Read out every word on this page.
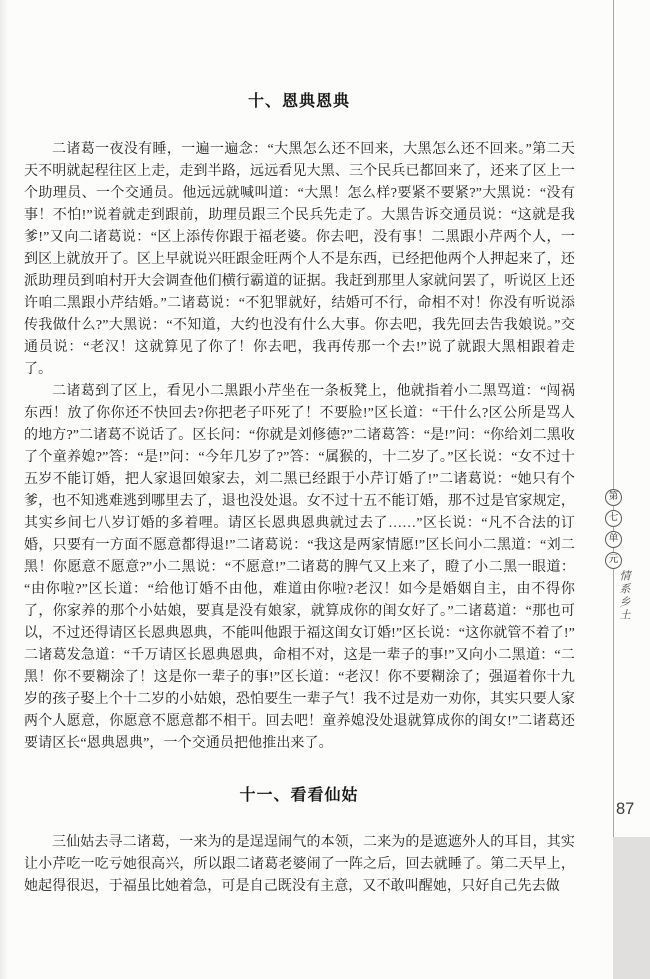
十、恩典恩典

二诸葛一夜没有睡，一遍一遍念：“大黑怎么还不回来，大黑怎么还不回来。”第二天天不明就起程往区上走，走到半路，远远看见大黑、三个民兵已都回来了，还来了区上一个助理员、一个交通员。他远远就喊叫道：“大黑！怎么样?要紧不要紧?”大黑说：“没有事！不怕!”说着就走到跟前，助理员跟三个民兵先走了。大黑告诉交通员说：“这就是我爹!”又向二诸葛说：“区上添传你跟于福老婆。你去吧，没有事！二黑跟小芹两个人，一到区上就放开了。区上早就说兴旺跟金旺两个人不是东西，已经把他两个人押起来了，还派助理员到咱村开大会调查他们横行霸道的证据。我赶到那里人家就问罢了，听说区上还许咱二黑跟小芹结婚。”二诸葛说：“不犯罪就好，结婚可不行，命相不对！你没有听说添传我做什么?”大黑说：“不知道，大约也没有什么大事。你去吧，我先回去告我娘说。”交通员说：“老汉！这就算见了你了！你去吧，我再传那一个去!”说了就跟大黑相跟着走了。

二诸葛到了区上，看见小二黑跟小芹坐在一条板凳上，他就指着小二黑骂道：“闯祸东西！放了你你还不快回去?你把老子吓死了！不要脸!”区长道：“干什么?区公所是骂人的地方?”二诸葛不说话了。区长问：“你就是刘修德?”二诸葛答：“是!”问：“你给刘二黑收了个童养媳?”答：“是!”问：“今年几岁了?”答：“属猴的，十二岁了。”区长说：“女不过十五岁不能订婚，把人家退回娘家去，刘二黑已经跟于小芹订婚了!”二诸葛说：“她只有个爹，也不知逃难逃到哪里去了，退也没处退。女不过十五不能订婚，那不过是官家规定，其实乡间七八岁订婚的多着哩。请区长恩典恩典就过去了……”区长说：“凡不合法的订婚，只要有一方面不愿意都得退!”二诸葛说：“我这是两家情愿!”区长问小二黑道：“刘二黑！你愿意不愿意?”小二黑说：“不愿意!”二诸葛的脾气又上来了，瞪了小二黑一眼道：“由你啦?”区长道：“给他订婚不由他，难道由你啦?老汉！如今是婚姻自主，由不得你了，你家养的那个小姑娘，要真是没有娘家，就算成你的闺女好了。”二诸葛道：“那也可以，不过还得请区长恩典恩典，不能叫他跟于福这闺女订婚!”区长说：“这你就管不着了!”二诸葛发急道：“千万请区长恩典恩典，命相不对，这是一辈子的事!”又向小二黑道：“二黑！你不要糊涂了！这是你一辈子的事!”区长道：“老汉！你不要糊涂了；强逼着你十九岁的孩子娶上个十二岁的小姑娘，恐怕要生一辈子气！我不过是劝一劝你，其实只要人家两个人愿意，你愿意不愿意都不相干。回去吧！童养媳没处退就算成你的闺女!”二诸葛还要请区长“恩典恩典”，一个交通员把他推出来了。

十一、看看仙姑

三仙姑去寻二诸葛，一来为的是逞逞闹气的本领，二来为的是遮遮外人的耳目，其实让小芹吃一吃亏她很高兴，所以跟二诸葛老婆闹了一阵之后，回去就睡了。第二天早上，她起得很迟，于福虽比她着急，可是自己既没有主意，又不敢叫醒她，只好自己先去做

第
七
单
元
情系乡土
87
